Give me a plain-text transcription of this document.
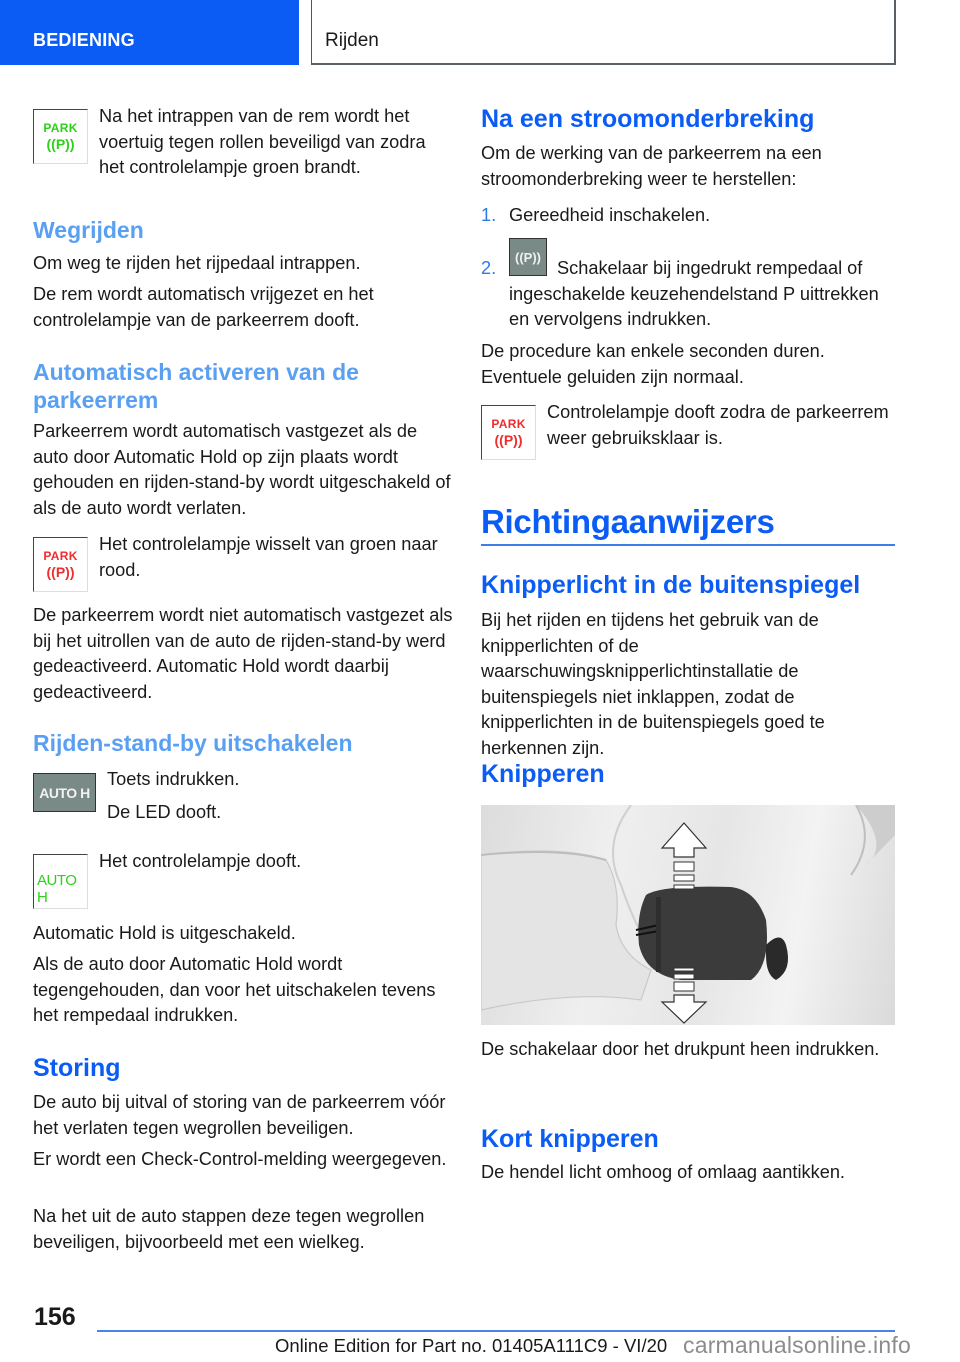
BEDIENING	Rijden
PARK
((P))

Na het intrappen van de rem wordt het voertuig tegen rollen beveiligd van zodra het controlelampje groen brandt.

Wegrijden

Om weg te rijden het rijpedaal intrappen.

De rem wordt automatisch vrijgezet en het controlelampje van de parkeerrem dooft.

Automatisch activeren van de parkeerrem

Parkeerrem wordt automatisch vastgezet als de auto door Automatic Hold op zijn plaats wordt gehouden en rijden-stand-by wordt uitgeschakeld of als de auto wordt verlaten.

PARK
((P))

Het controlelampje wisselt van groen naar rood.

De parkeerrem wordt niet automatisch vastgezet als bij het uitrollen van de auto de rijden-stand-by werd gedeactiveerd. Automatic Hold wordt daarbij gedeactiveerd.

Rijden-stand-by uitschakelen
AUTO H

Toets indrukken.

De LED dooft.

AUTO H

Het controlelampje dooft.

Automatic Hold is uitgeschakeld.

Als de auto door Automatic Hold wordt tegengehouden, dan voor het uitschakelen tevens het rempedaal indrukken.

Storing

De auto bij uitval of storing van de parkeerrem vóór het verlaten tegen wegrollen beveiligen.

Er wordt een Check-Control-melding weergegeven.

Na het uit de auto stappen deze tegen wegrollen beveiligen, bijvoorbeeld met een wielkeg.

Na een stroomonderbreking

Om de werking van de parkeerrem na een stroomonderbreking weer te herstellen:

1. Gereedheid inschakelen.

2.
((P))

Schakelaar bij ingedrukt rempedaal of ingeschakelde keuzehendelstand P uittrekken en vervolgens indrukken.

De procedure kan enkele seconden duren. Eventuele geluiden zijn normaal.

PARK
((P))

Controlelampje dooft zodra de parkeerrem weer gebruiksklaar is.

Richtingaanwijzers
Knipperlicht in de buitenspiegel

Bij het rijden en tijdens het gebruik van de knipperlichten of de waarschuwingsknipperlichtinstallatie de buitenspiegels niet inklappen, zodat de knipperlichten in de buitenspiegels goed te herkennen zijn.

Knipperen

De schakelaar door het drukpunt heen indrukken.

Kort knipperen

De hendel licht omhoog of omlaag aantikken.

156
Online Edition for Part no. 01405A111C9 - VI/20 carmanualsonline.info
